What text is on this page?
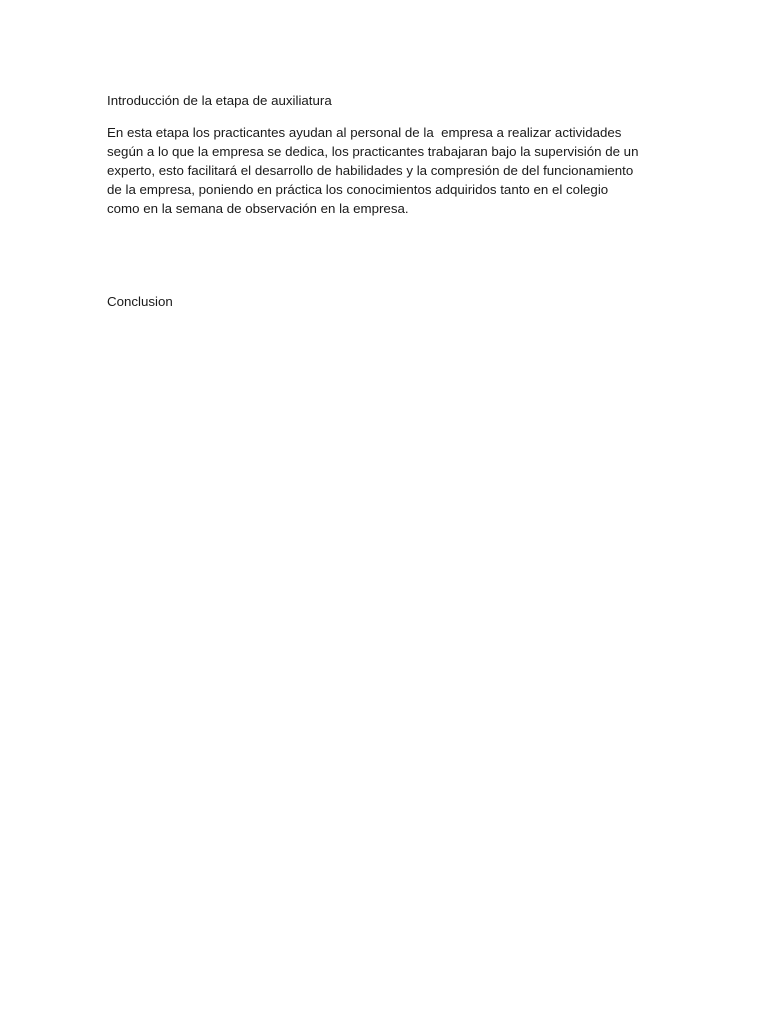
Introducción de la etapa de auxiliatura

En esta etapa los practicantes ayudan al personal de la  empresa a realizar actividades
según a lo que la empresa se dedica, los practicantes trabajaran bajo la supervisión de un
experto, esto facilitará el desarrollo de habilidades y la compresión de del funcionamiento
de la empresa, poniendo en práctica los conocimientos adquiridos tanto en el colegio
como en la semana de observación en la empresa.

Conclusion
